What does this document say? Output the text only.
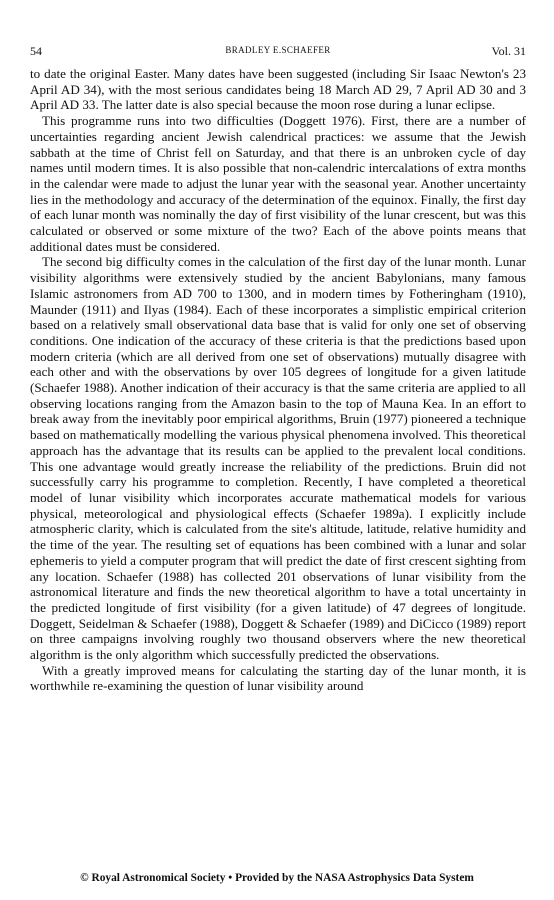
54	BRADLEY E.SCHAEFER	Vol. 31

to date the original Easter. Many dates have been suggested (including Sir Isaac Newton's 23 April AD 34), with the most serious candidates being 18 March AD 29, 7 April AD 30 and 3 April AD 33. The latter date is also special because the moon rose during a lunar eclipse.

This programme runs into two difficulties (Doggett 1976). First, there are a number of uncertainties regarding ancient Jewish calendrical practices: we assume that the Jewish sabbath at the time of Christ fell on Saturday, and that there is an unbroken cycle of day names until modern times. It is also possible that non-calendric intercalations of extra months in the calendar were made to adjust the lunar year with the seasonal year. Another uncertainty lies in the methodology and accuracy of the determination of the equinox. Finally, the first day of each lunar month was nominally the day of first visibility of the lunar crescent, but was this calculated or observed or some mixture of the two? Each of the above points means that additional dates must be considered.

The second big difficulty comes in the calculation of the first day of the lunar month. Lunar visibility algorithms were extensively studied by the ancient Babylonians, many famous Islamic astronomers from AD 700 to 1300, and in modern times by Fotheringham (1910), Maunder (1911) and Ilyas (1984). Each of these incorporates a simplistic empirical criterion based on a relatively small observational data base that is valid for only one set of observing conditions. One indication of the accuracy of these criteria is that the predictions based upon modern criteria (which are all derived from one set of observations) mutually disagree with each other and with the observations by over 105 degrees of longitude for a given latitude (Schaefer 1988). Another indication of their accuracy is that the same criteria are applied to all observing locations ranging from the Amazon basin to the top of Mauna Kea. In an effort to break away from the inevitably poor empirical algorithms, Bruin (1977) pioneered a technique based on mathematically modelling the various physical phenomena involved. This theoretical approach has the advantage that its results can be applied to the prevalent local conditions. This one advantage would greatly increase the reliability of the predictions. Bruin did not successfully carry his programme to completion. Recently, I have completed a theoretical model of lunar visibility which incorporates accurate mathematical models for various physical, meteorological and physiological effects (Schaefer 1989a). I explicitly include atmospheric clarity, which is calculated from the site's altitude, latitude, relative humidity and the time of the year. The resulting set of equations has been combined with a lunar and solar ephemeris to yield a computer program that will predict the date of first crescent sighting from any location. Schaefer (1988) has collected 201 observations of lunar visibility from the astronomical literature and finds the new theoretical algorithm to have a total uncertainty in the predicted longitude of first visibility (for a given latitude) of 47 degrees of longitude. Doggett, Seidelman & Schaefer (1988), Doggett & Schaefer (1989) and DiCicco (1989) report on three campaigns involving roughly two thousand observers where the new theoretical algorithm is the only algorithm which successfully predicted the observations.

With a greatly improved means for calculating the starting day of the lunar month, it is worthwhile re-examining the question of lunar visibility around

© Royal Astronomical Society • Provided by the NASA Astrophysics Data System
